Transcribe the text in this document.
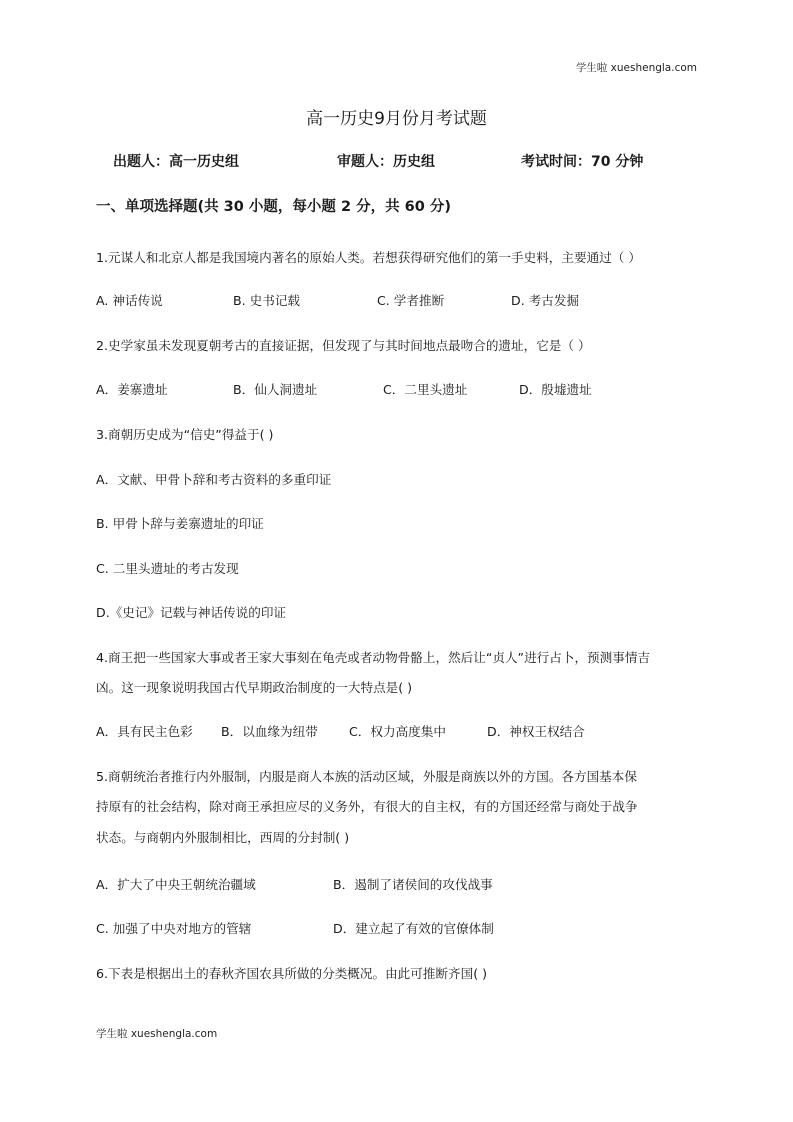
学生啦 xueshengla.com
高一历史9月份月考试题
出题人：高一历史组	审题人：历史组	考试时间：70 分钟
一、单项选择题(共 30 小题，每小题 2 分，共 60 分)
1.元谋人和北京人都是我国境内著名的原始人类。若想获得研究他们的第一手史料，主要通过（ ）
A. 神话传说	B. 史书记载	C. 学者推断	D. 考古发掘
2.史学家虽未发现夏朝考古的直接证据，但发现了与其时间地点最吻合的遗址，它是（ ）
A．姜寨遗址	B．仙人洞遗址	C．二里头遗址	D．殷墟遗址
3.商朝历史成为“信史”得益于( )
A．文献、甲骨卜辞和考古资料的多重印证
B. 甲骨卜辞与姜寨遗址的印证
C. 二里头遗址的考古发现
D.《史记》记载与神话传说的印证
4.商王把一些国家大事或者王家大事刻在龟壳或者动物骨骼上，然后让“贞人”进行占卜，预测事情吉
凶。这一现象说明我国古代早期政治制度的一大特点是( )
A．具有民主色彩 B．以血缘为纽带 C．权力高度集中	D．神权王权结合
5.商朝统治者推行内外服制，内服是商人本族的活动区域，外服是商族以外的方国。各方国基本保
持原有的社会结构，除对商王承担应尽的义务外，有很大的自主权，有的方国还经常与商处于战争
状态。与商朝内外服制相比，西周的分封制( )
A．扩大了中央王朝统治疆域	B．遏制了诸侯间的攻伐战事
C. 加强了中央对地方的管辖	D．建立起了有效的官僚体制
6.下表是根据出土的春秋齐国农具所做的分类概况。由此可推断齐国( )
学生啦 xueshengla.com
